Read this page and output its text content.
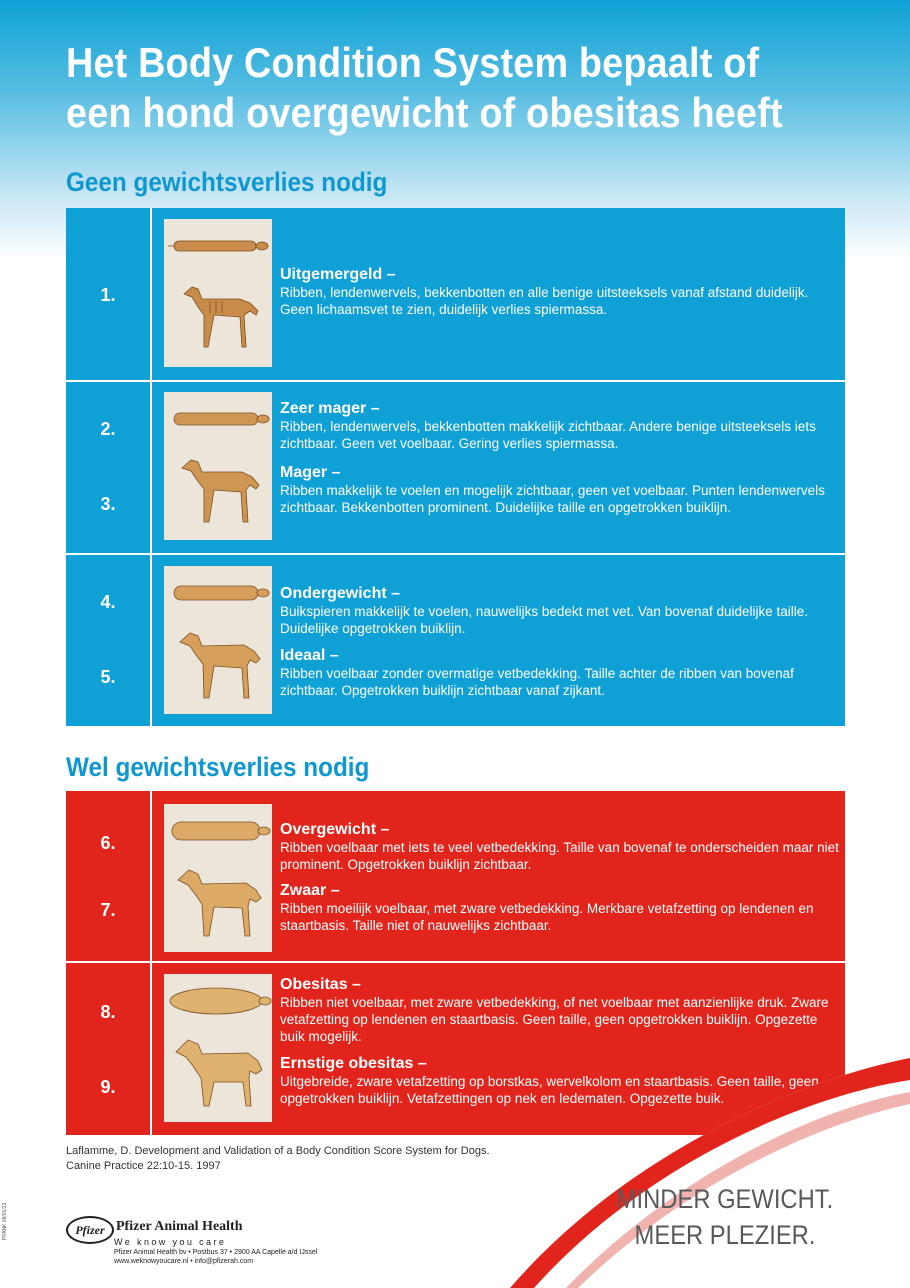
Het Body Condition System bepaalt of
een hond overgewicht of obesitas heeft
Geen gewichtsverlies nodig
1.
Uitgemergeld –
Ribben, lendenwervels, bekkenbotten en alle benige uitsteeksels vanaf afstand duidelijk. Geen lichaamsvet te zien, duidelijk verlies spiermassa.
2.
3.
Zeer mager –
Ribben, lendenwervels, bekkenbotten makkelijk zichtbaar. Andere benige uitsteeksels iets zichtbaar. Geen vet voelbaar. Gering verlies spiermassa.
Mager –
Ribben makkelijk te voelen en mogelijk zichtbaar, geen vet voelbaar. Punten lendenwervels zichtbaar. Bekkenbotten prominent. Duidelijke taille en opgetrokken buiklijn.
4.
5.
Ondergewicht –
Buikspieren makkelijk te voelen, nauwelijks bedekt met vet. Van bovenaf duidelijke taille. Duidelijke opgetrokken buiklijn.
Ideaal –
Ribben voelbaar zonder overmatige vetbedekking. Taille achter de ribben van bovenaf zichtbaar. Opgetrokken buiklijn zichtbaar vanaf zijkant.
Wel gewichtsverlies nodig
6.
7.
Overgewicht –
Ribben voelbaar met iets te veel vetbedekking. Taille van bovenaf te onderscheiden maar niet prominent. Opgetrokken buiklijn zichtbaar.
Zwaar –
Ribben moeilijk voelbaar, met zware vetbedekking. Merkbare vetafzetting op lendenen en staartbasis. Taille niet of nauwelijks zichtbaar.
8.
9.
Obesitas –
Ribben niet voelbaar, met zware vetbedekking, of net voelbaar met aanzienlijke druk. Zware vetafzetting op lendenen en staartbasis. Geen taille, geen opgetrokken buiklijn. Opgezette buik mogelijk.
Ernstige obesitas –
Uitgebreide, zware vetafzetting op borstkas, wervelkolom en staartbasis. Geen taille, geen opgetrokken buiklijn. Vetafzettingen op nek en ledematen. Opgezette buik.
Laflamme, D. Development and Validation of a Body Condition Score System for Dogs.
Canine Practice 22:10-15. 1997
MINDER GEWICHT.
MEER PLEZIER.
Pfizer Pfizer Animal Health
We know you care
Pfizer Animal Health bv • Postbus 37 • 2900 AA Capelle a/d IJssel
www.weknowyoucare.nl • info@pfizerah.com
PFANK 08/01/13
